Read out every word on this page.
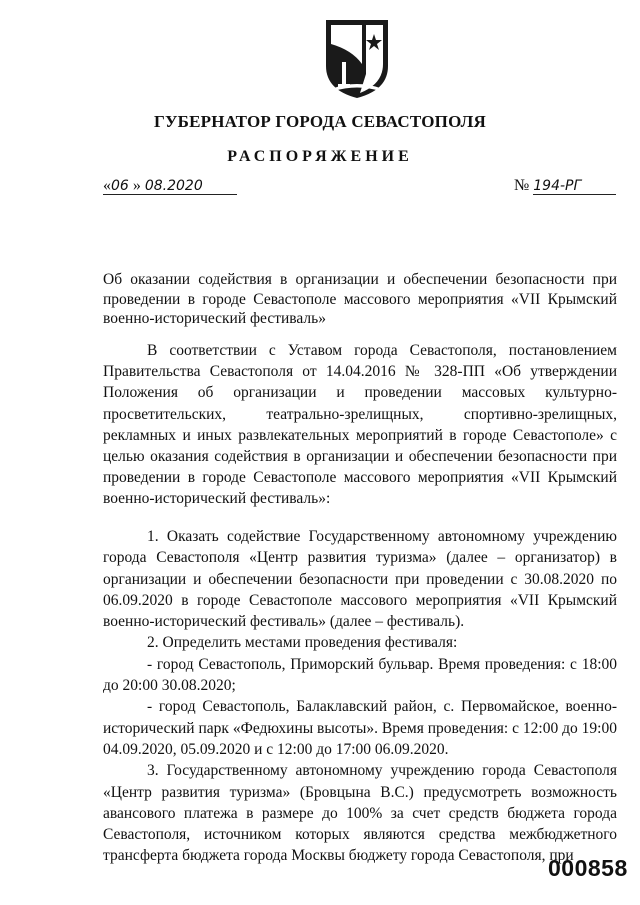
ГУБЕРНАТОР ГОРОДА СЕВАСТОПОЛЯ
РАСПОРЯЖЕНИЕ
«06 » 08.2020	№ 194-РГ
Об оказании содействия в организации и обеспечении безопасности при проведении в городе Севастополе массового мероприятия «VII Крымский военно-исторический фестиваль»
В соответствии с Уставом города Севастополя, постановлением Правительства Севастополя от 14.04.2016 № 328-ПП «Об утверждении Положения об организации и проведении массовых культурно-просветительских, театрально-зрелищных, спортивно-зрелищных, рекламных и иных развлекательных мероприятий в городе Севастополе» с целью оказания содействия в организации и обеспечении безопасности при проведении в городе Севастополе массового мероприятия «VII Крымский военно-исторический фестиваль»:

1. Оказать содействие Государственному автономному учреждению города Севастополя «Центр развития туризма» (далее – организатор) в организации и обеспечении безопасности при проведении с 30.08.2020 по 06.09.2020 в городе Севастополе массового мероприятия «VII Крымский военно-исторический фестиваль» (далее – фестиваль).

2. Определить местами проведения фестиваля:

- город Севастополь, Приморский бульвар. Время проведения: с 18:00 до 20:00 30.08.2020;

- город Севастополь, Балаклавский район, с. Первомайское, военно-исторический парк «Федюхины высоты». Время проведения: с 12:00 до 19:00 04.09.2020, 05.09.2020 и с 12:00 до 17:00 06.09.2020.

3. Государственному автономному учреждению города Севастополя «Центр развития туризма» (Бровцына В.С.) предусмотреть возможность авансового платежа в размере до 100% за счет средств бюджета города Севастополя, источником которых являются средства межбюджетного трансферта бюджета города Москвы бюджету города Севастополя, при

000858
